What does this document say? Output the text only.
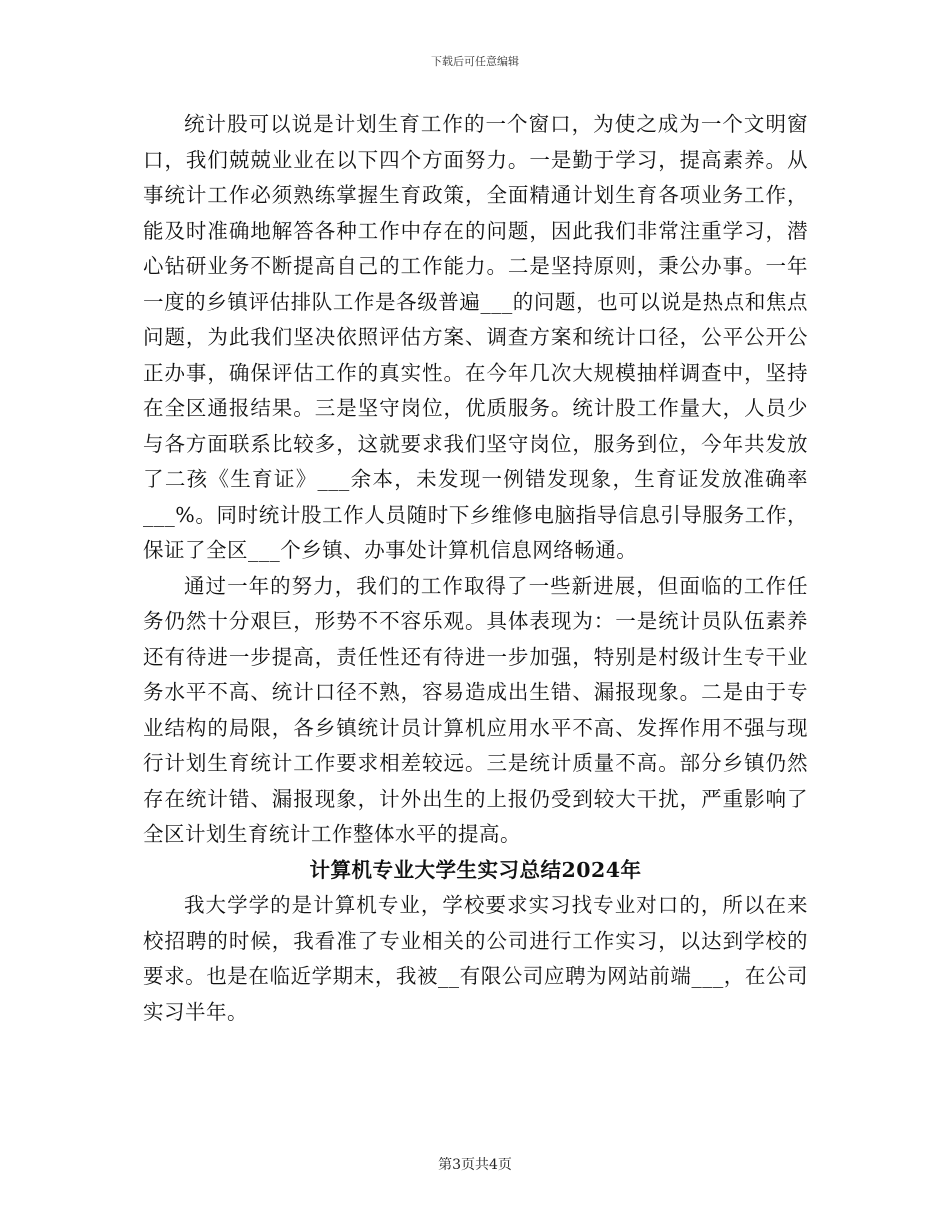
下载后可任意编辑

统计股可以说是计划生育工作的一个窗口，为使之成为一个文明窗口，我们兢兢业业在以下四个方面努力。一是勤于学习，提高素养。从事统计工作必须熟练掌握生育政策，全面精通计划生育各项业务工作，能及时准确地解答各种工作中存在的问题，因此我们非常注重学习，潜心钻研业务不断提高自己的工作能力。二是坚持原则，秉公办事。一年一度的乡镇评估排队工作是各级普遍___的问题，也可以说是热点和焦点问题，为此我们坚决依照评估方案、调查方案和统计口径，公平公开公正办事，确保评估工作的真实性。在今年几次大规模抽样调查中，坚持在全区通报结果。三是坚守岗位，优质服务。统计股工作量大，人员少与各方面联系比较多，这就要求我们坚守岗位，服务到位，今年共发放了二孩《生育证》___余本，未发现一例错发现象，生育证发放准确率___%。同时统计股工作人员随时下乡维修电脑指导信息引导服务工作，保证了全区___个乡镇、办事处计算机信息网络畅通。

通过一年的努力，我们的工作取得了一些新进展，但面临的工作任务仍然十分艰巨，形势不不容乐观。具体表现为：一是统计员队伍素养还有待进一步提高，责任性还有待进一步加强，特别是村级计生专干业务水平不高、统计口径不熟，容易造成出生错、漏报现象。二是由于专业结构的局限，各乡镇统计员计算机应用水平不高、发挥作用不强与现行计划生育统计工作要求相差较远。三是统计质量不高。部分乡镇仍然存在统计错、漏报现象，计外出生的上报仍受到较大干扰，严重影响了全区计划生育统计工作整体水平的提高。

计算机专业大学生实习总结2024年

我大学学的是计算机专业，学校要求实习找专业对口的，所以在来校招聘的时候，我看准了专业相关的公司进行工作实习，以达到学校的要求。也是在临近学期末，我被__有限公司应聘为网站前端___，在公司实习半年。

第3页共4页
